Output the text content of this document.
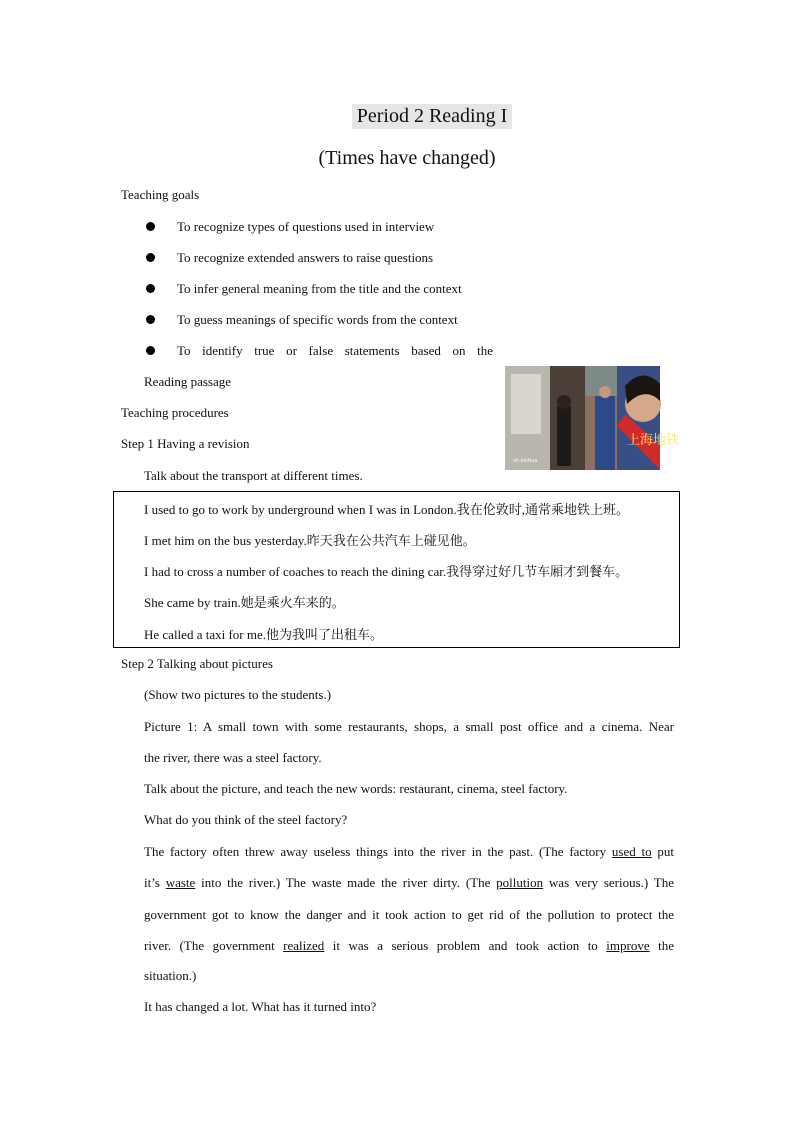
Period 2 Reading I
(Times have changed)
Teaching goals
To recognize types of questions used in interview
To recognize extended answers to raise questions
To infer general meaning from the title and the context
To guess meanings of specific words from the context
To identify true or false statements based on the
Reading passage
上海地铁
sh.xinhua
Teaching procedures
Step 1 Having a revision
Talk about the transport at different times.
I used to go to work by underground when I was in London.我在伦敦时,通常乘地铁上班。
I met him on the bus yesterday.昨天我在公共汽车上碰见他。
I had to cross a number of coaches to reach the dining car.我得穿过好几节车厢才到餐车。
She came by train.她是乘火车来的。
He called a taxi for me.他为我叫了出租车。
Step 2 Talking about pictures
(Show two pictures to the students.)
Picture 1: A small town with some restaurants, shops, a small post office and a cinema. Near
the river, there was a steel factory.
Talk about the picture, and teach the new words: restaurant, cinema, steel factory.
What do you think of the steel factory?
The factory often threw away useless things into the river in the past. (The factory used to put
it’s waste into the river.) The waste made the river dirty. (The pollution was very serious.) The
government got to know the danger and it took action to get rid of the pollution to protect the
river. (The government realized it was a serious problem and took action to improve the
situation.)
It has changed a lot. What has it turned into?
